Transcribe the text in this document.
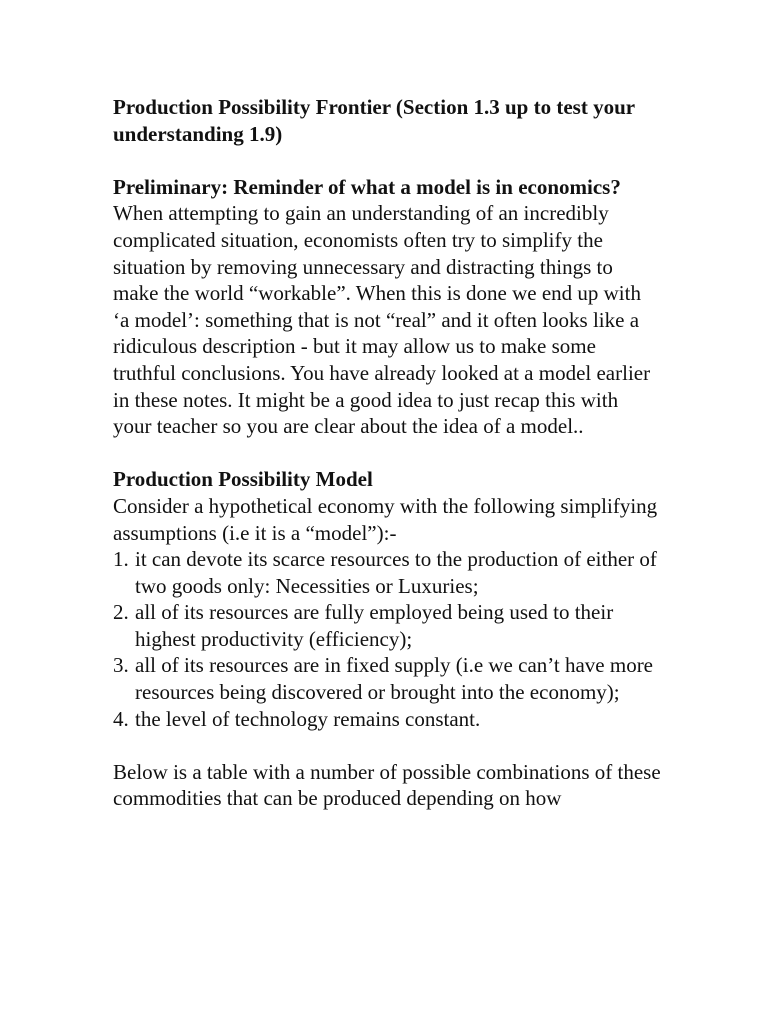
Production Possibility Frontier (Section 1.3 up to test your understanding 1.9)

Preliminary: Reminder of what a model is in economics?

When attempting to gain an understanding of an incredibly complicated situation, economists often try to simplify the situation by removing unnecessary and distracting things to make the world “workable”. When this is done we end up with ‘a model’: something that is not “real” and it often looks like a ridiculous description - but it may allow us to make some truthful conclusions. You have already looked at a model earlier in these notes. It might be a good idea to just recap this with your teacher so you are clear about the idea of a model..

Production Possibility Model

Consider a hypothetical economy with the following simplifying assumptions (i.e it is a “model”):-

1. it can devote its scarce resources to the production of either of two goods only: Necessities or Luxuries;
2. all of its resources are fully employed being used to their highest productivity (efficiency);
3. all of its resources are in fixed supply (i.e we can’t have more resources being discovered or brought into the economy);
4. the level of technology remains constant.

Below is a table with a number of possible combinations of these commodities that can be produced depending on how
